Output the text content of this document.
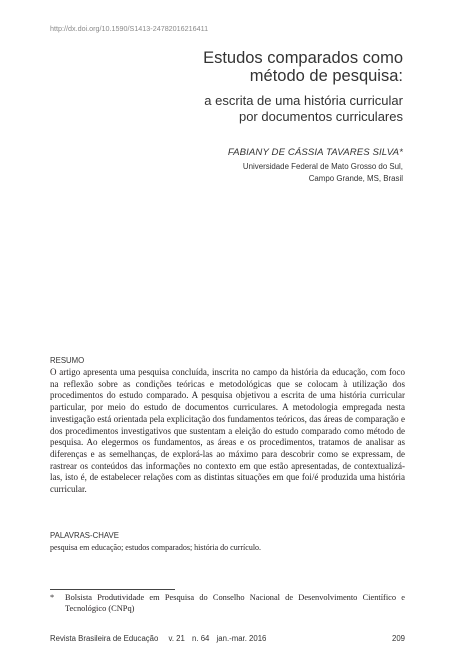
http://dx.doi.org/10.1590/S1413-24782016216411
Estudos comparados como
método de pesquisa:
a escrita de uma história curricular
por documentos curriculares
FABIANY DE CÁSSIA TAVARES SILVA*
Universidade Federal de Mato Grosso do Sul,
Campo Grande, MS, Brasil
RESUMO
O artigo apresenta uma pesquisa concluída, inscrita no campo da história da educação, com foco na reflexão sobre as condições teóricas e metodológicas que se colocam à utilização dos procedimentos do estudo comparado. A pesquisa objetivou a escrita de uma história curricular particular, por meio do estudo de documentos curriculares. A metodologia empregada nesta investigação está orientada pela explicitação dos fundamentos teóricos, das áreas de comparação e dos procedimentos investigativos que sustentam a eleição do estudo comparado como método de pesquisa. Ao elegermos os fundamentos, as áreas e os procedimentos, tratamos de analisar as diferenças e as semelhanças, de explorá-las ao máximo para descobrir como se expressam, de rastrear os conteúdos das informações no contexto em que estão apresentadas, de contextualizá-las, isto é, de estabelecer relações com as distintas situações em que foi/é produzida uma história curricular.
PALAVRAS-CHAVE
pesquisa em educação; estudos comparados; história do currículo.
* Bolsista Produtividade em Pesquisa do Conselho Nacional de Desenvolvimento Científico e Tecnológico (CNPq)
Revista Brasileira de Educação v. 21 n. 64 jan.-mar. 2016	209
